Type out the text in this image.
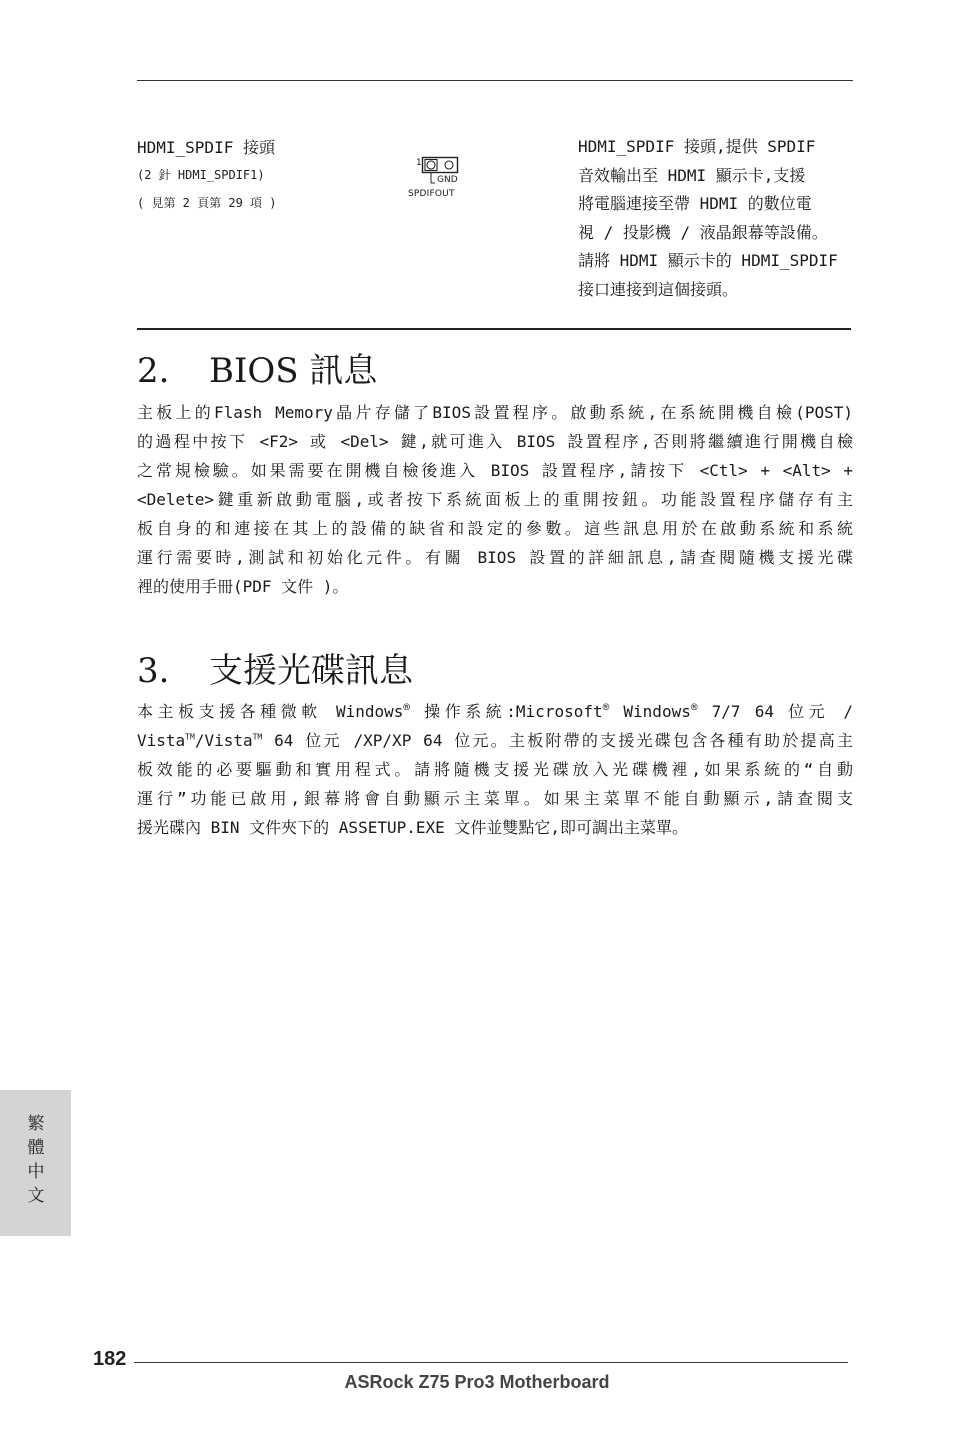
HDMI_SPDIF 接頭
(2 針 HDMI_SPDIF1)
( 見第 2 頁第 29 項 )
1
GND
SPDIFOUT
HDMI_SPDIF 接頭,提供 SPDIF
音效輸出至 HDMI 顯示卡,支援
將電腦連接至帶 HDMI 的數位電
視 / 投影機 / 液晶銀幕等設備。
請將 HDMI 顯示卡的 HDMI_SPDIF
接口連接到這個接頭。
2. BIOS 訊息
主板上的Flash Memory晶片存儲了BIOS設置程序。啟動系統,在系統開機自檢(POST)
的過程中按下 <F2> 或 <Del> 鍵,就可進入 BIOS 設置程序,否則將繼續進行開機自檢
之常規檢驗。如果需要在開機自檢後進入 BIOS 設置程序,請按下 <Ctl> + <Alt> +
<Delete>鍵重新啟動電腦,或者按下系統面板上的重開按鈕。功能設置程序儲存有主
板自身的和連接在其上的設備的缺省和設定的參數。這些訊息用於在啟動系統和系統
運行需要時,測試和初始化元件。有關 BIOS 設置的詳細訊息,請查閱隨機支援光碟
裡的使用手冊(PDF 文件 )。
3. 支援光碟訊息
本主板支援各種微軟 Windows® 操作系統:Microsoft® Windows® 7/7 64 位元 /
Vista™/Vista™ 64 位元 /XP/XP 64 位元。主板附帶的支援光碟包含各種有助於提高主
板效能的必要驅動和實用程式。請將隨機支援光碟放入光碟機裡,如果系統的“自動
運行”功能已啟用,銀幕將會自動顯示主菜單。如果主菜單不能自動顯示,請查閱支
援光碟內 BIN 文件夾下的 ASSETUP.EXE 文件並雙點它,即可調出主菜單。
繁體中文
182
ASRock Z75 Pro3 Motherboard
